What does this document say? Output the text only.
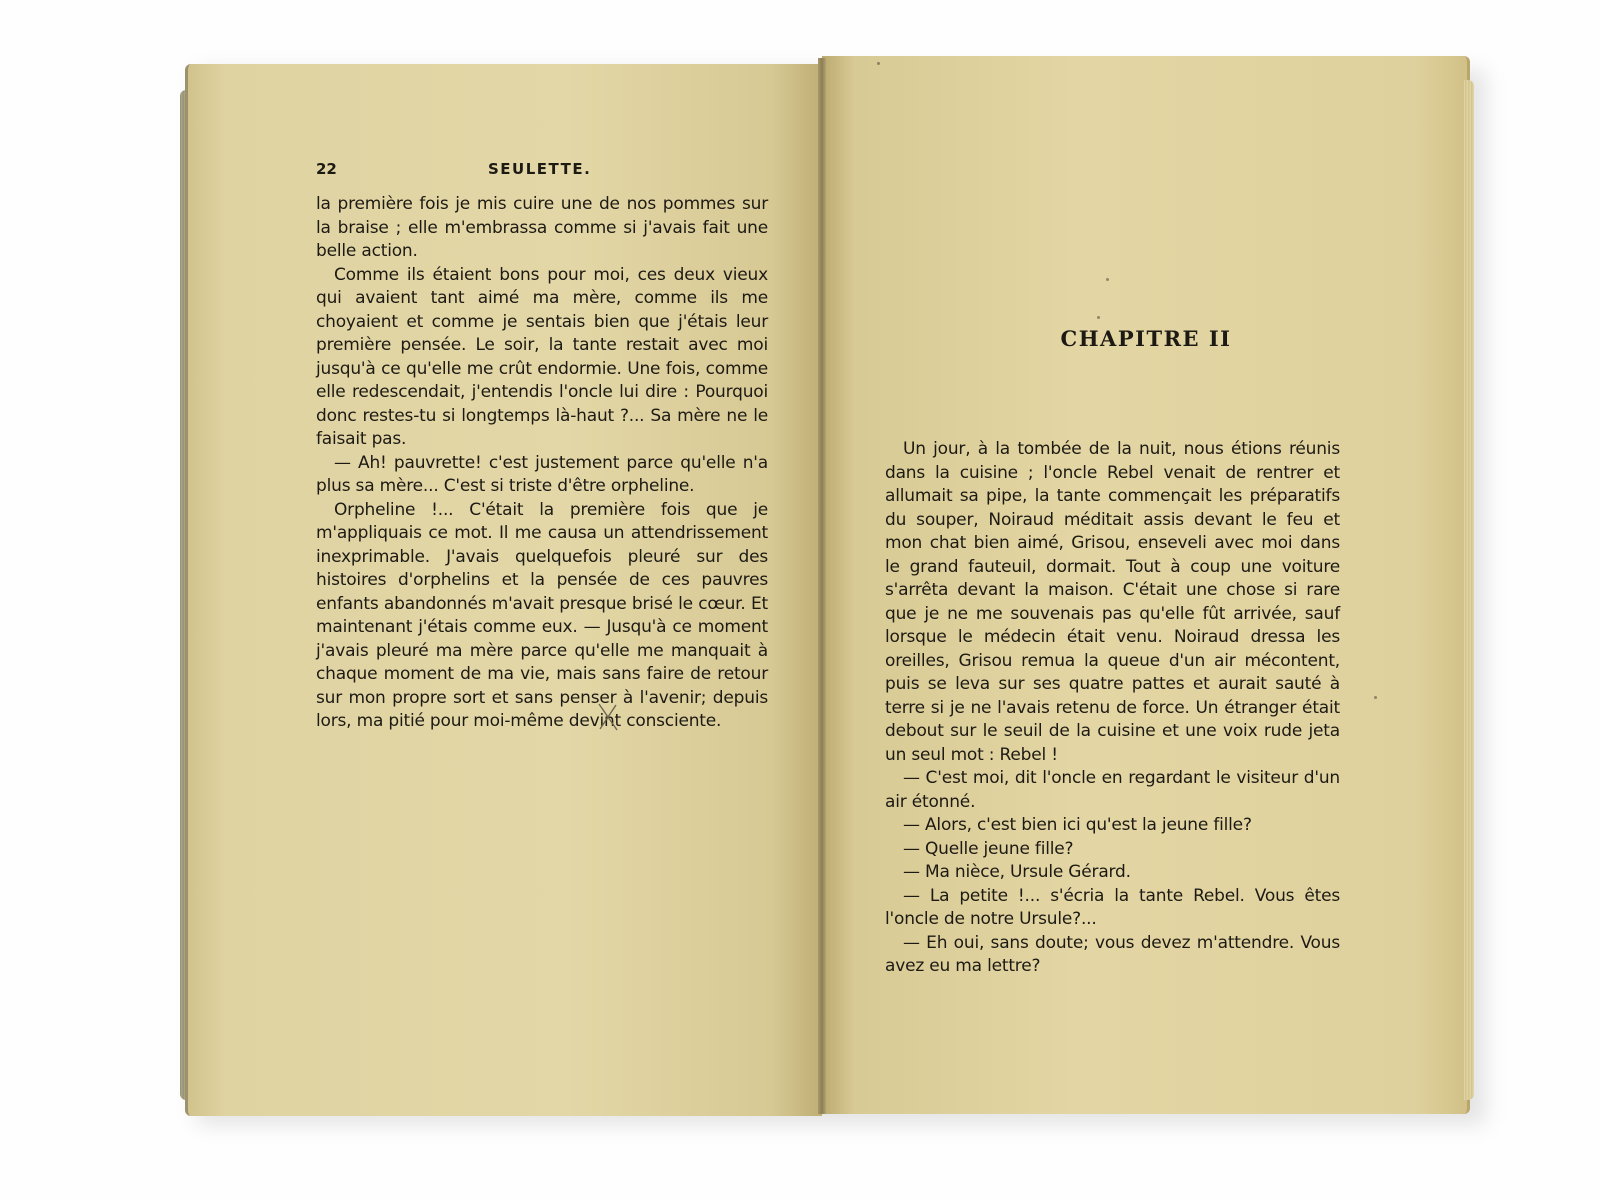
22	SEULETTE.

la première fois je mis cuire une de nos pommes sur la braise ; elle m'embrassa comme si j'avais fait une belle action.

Comme ils étaient bons pour moi, ces deux vieux qui avaient tant aimé ma mère, comme ils me choyaient et comme je sentais bien que j'étais leur première pensée. Le soir, la tante restait avec moi jusqu'à ce qu'elle me crût endormie. Une fois, comme elle redescendait, j'entendis l'oncle lui dire : Pourquoi donc restes-tu si longtemps là-haut ?... Sa mère ne le faisait pas.

— Ah! pauvrette! c'est justement parce qu'elle n'a plus sa mère... C'est si triste d'être orpheline.

Orpheline !... C'était la première fois que je m'appliquais ce mot. Il me causa un attendrissement inexprimable. J'avais quelquefois pleuré sur des histoires d'orphelins et la pensée de ces pauvres enfants abandonnés m'avait presque brisé le cœur. Et maintenant j'étais comme eux. — Jusqu'à ce moment j'avais pleuré ma mère parce qu'elle me manquait à chaque moment de ma vie, mais sans faire de retour sur mon propre sort et sans penser à l'avenir; depuis lors, ma pitié pour moi-même devint consciente.

CHAPITRE II

Un jour, à la tombée de la nuit, nous étions réunis dans la cuisine ; l'oncle Rebel venait de rentrer et allumait sa pipe, la tante commençait les préparatifs du souper, Noiraud méditait assis devant le feu et mon chat bien aimé, Grisou, enseveli avec moi dans le grand fauteuil, dormait. Tout à coup une voiture s'arrêta devant la maison. C'était une chose si rare que je ne me souvenais pas qu'elle fût arrivée, sauf lorsque le médecin était venu. Noiraud dressa les oreilles, Grisou remua la queue d'un air mécontent, puis se leva sur ses quatre pattes et aurait sauté à terre si je ne l'avais retenu de force. Un étranger était debout sur le seuil de la cuisine et une voix rude jeta un seul mot : Rebel !

— C'est moi, dit l'oncle en regardant le visiteur d'un air étonné.

— Alors, c'est bien ici qu'est la jeune fille?

— Quelle jeune fille?

— Ma nièce, Ursule Gérard.

— La petite !... s'écria la tante Rebel. Vous êtes l'oncle de notre Ursule?...

— Eh oui, sans doute; vous devez m'attendre. Vous avez eu ma lettre?
